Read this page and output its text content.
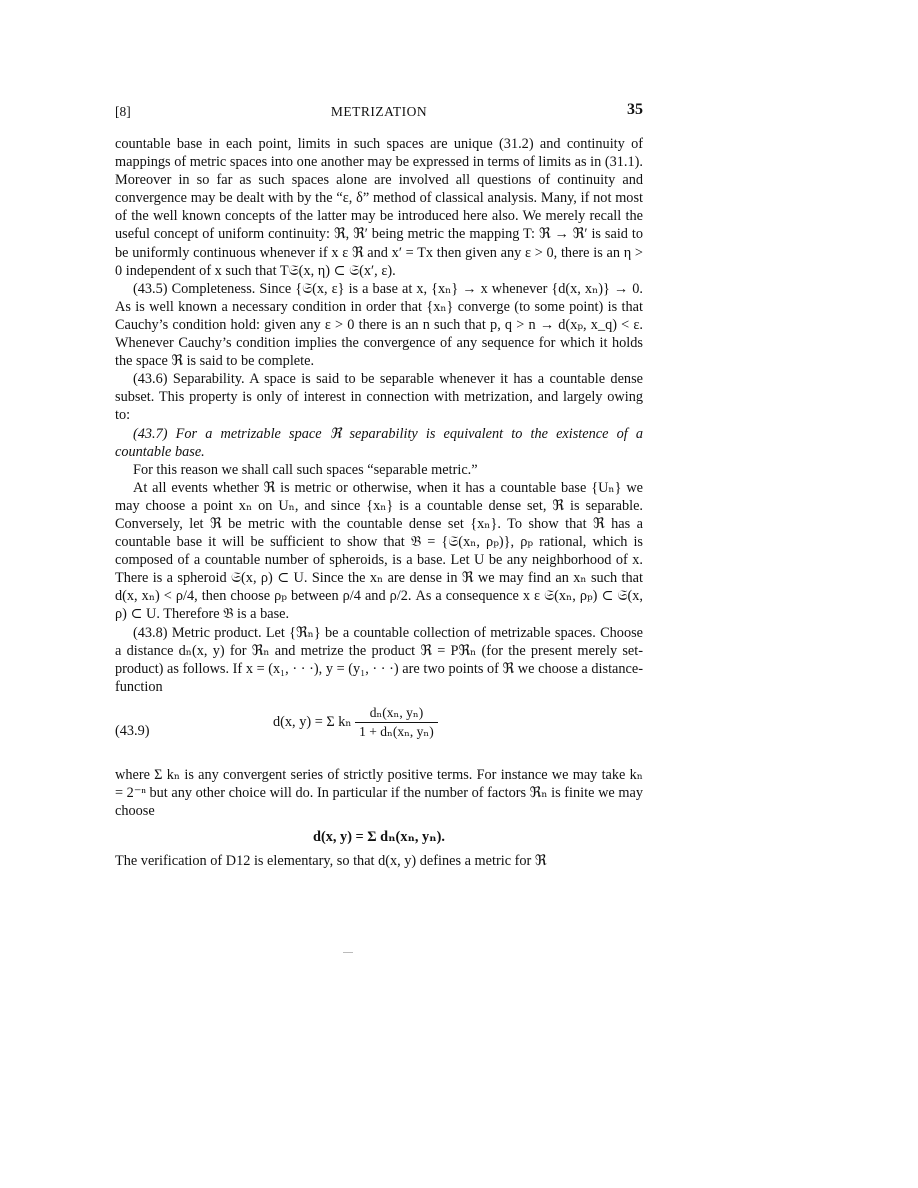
[8]	METRIZATION	35

countable base in each point, limits in such spaces are unique (31.2) and continuity of mappings of metric spaces into one another may be expressed in terms of limits as in (31.1). Moreover in so far as such spaces alone are involved all questions of continuity and convergence may be dealt with by the “ε, δ” method of classical analysis. Many, if not most of the well known concepts of the latter may be introduced here also. We merely recall the useful concept of uniform continuity: ℜ, ℜ′ being metric the mapping T: ℜ → ℜ′ is said to be uniformly continuous whenever if x ε ℜ and x′ = Tx then given any ε > 0, there is an η > 0 independent of x such that T𝔖(x, η) ⊂ 𝔖(x′, ε).

(43.5) Completeness. Since {𝔖(x, ε} is a base at x, {xₙ} → x whenever {d(x, xₙ)} → 0. As is well known a necessary condition in order that {xₙ} converge (to some point) is that Cauchy’s condition hold: given any ε > 0 there is an n such that p, q > n → d(xₚ, x_q) < ε. Whenever Cauchy’s condition implies the convergence of any sequence for which it holds the space ℜ is said to be complete.

(43.6) Separability. A space is said to be separable whenever it has a countable dense subset. This property is only of interest in connection with metrization, and largely owing to:

(43.7) For a metrizable space ℜ separability is equivalent to the existence of a countable base.

For this reason we shall call such spaces “separable metric.”

At all events whether ℜ is metric or otherwise, when it has a countable base {Uₙ} we may choose a point xₙ on Uₙ, and since {xₙ} is a countable dense set, ℜ is separable. Conversely, let ℜ be metric with the countable dense set {xₙ}. To show that ℜ has a countable base it will be sufficient to show that 𝔅 = {𝔖(xₙ, ρₚ)}, ρₚ rational, which is composed of a countable number of spheroids, is a base. Let U be any neighborhood of x. There is a spheroid 𝔖(x, ρ) ⊂ U. Since the xₙ are dense in ℜ we may find an xₙ such that d(x, xₙ) < ρ/4, then choose ρₚ between ρ/4 and ρ/2. As a consequence x ε 𝔖(xₙ, ρₚ) ⊂ 𝔖(x, ρ) ⊂ U. Therefore 𝔅 is a base.

(43.8) Metric product. Let {ℜₙ} be a countable collection of metrizable spaces. Choose a distance dₙ(x, y) for ℜₙ and metrize the product ℜ = Pℜₙ (for the present merely set-product) as follows. If x = (x₁, · · ·), y = (y₁, · · ·) are two points of ℜ we choose a distance-function

(43.9)
d(x, y) = Σ kₙ $\frac{\text{dₙ(xₙ, yₙ)}}{\text{1 + dₙ(xₙ, yₙ)}}$

where Σ kₙ is any convergent series of strictly positive terms. For instance we may take kₙ = 2⁻ⁿ but any other choice will do. In particular if the number of factors ℜₙ is finite we may choose

d(x, y) = Σ dₙ(xₙ, yₙ).

The verification of D12 is elementary, so that d(x, y) defines a metric for ℜ
